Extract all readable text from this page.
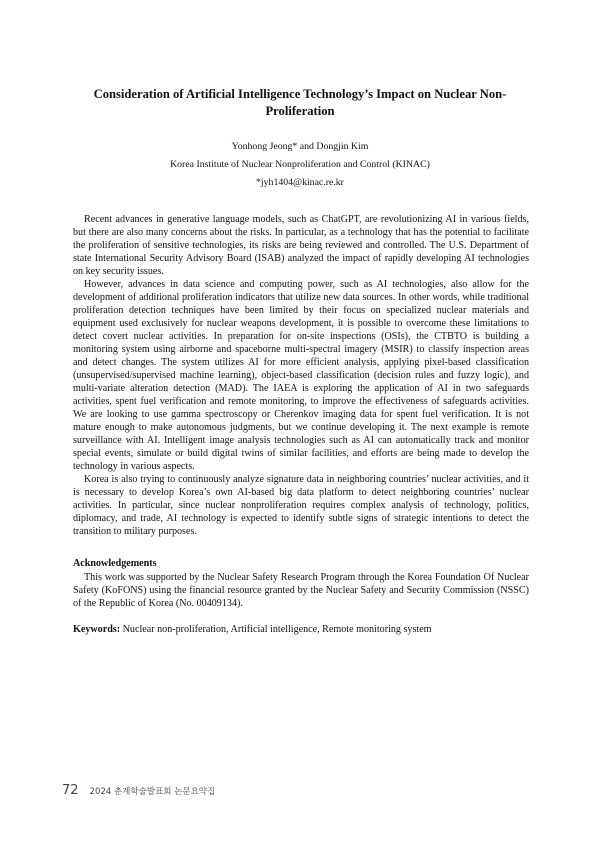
Consideration of Artificial Intelligence Technology’s Impact on Nuclear Non-Proliferation
Yonhong Jeong* and Dongjin Kim
Korea Institute of Nuclear Nonproliferation and Control (KINAC)
*jyh1404@kinac.re.kr

Recent advances in generative language models, such as ChatGPT, are revolutionizing AI in various fields, but there are also many concerns about the risks. In particular, as a technology that has the potential to facilitate the proliferation of sensitive technologies, its risks are being reviewed and controlled. The U.S. Department of state International Security Advisory Board (ISAB) analyzed the impact of rapidly developing AI technologies on key security issues.

However, advances in data science and computing power, such as AI technologies, also allow for the development of additional proliferation indicators that utilize new data sources. In other words, while traditional proliferation detection techniques have been limited by their focus on specialized nuclear materials and equipment used exclusively for nuclear weapons development, it is possible to overcome these limitations to detect covert nuclear activities. In preparation for on-site inspections (OSIs), the CTBTO is building a monitoring system using airborne and spaceborne multi-spectral imagery (MSIR) to classify inspection areas and detect changes. The system utilizes AI for more efficient analysis, applying pixel-based classification (unsupervised/supervised machine learning), object-based classification (decision rules and fuzzy logic), and multi-variate alteration detection (MAD). The IAEA is exploring the application of AI in two safeguards activities, spent fuel verification and remote monitoring, to improve the effectiveness of safeguards activities. We are looking to use gamma spectroscopy or Cherenkov imaging data for spent fuel verification. It is not mature enough to make autonomous judgments, but we continue developing it. The next example is remote surveillance with AI. Intelligent image analysis technologies such as AI can automatically track and monitor special events, simulate or build digital twins of similar facilities, and efforts are being made to develop the technology in various aspects.

Korea is also trying to continuously analyze signature data in neighboring countries’ nuclear activities, and it is necessary to develop Korea’s own AI-based big data platform to detect neighboring countries’ nuclear activities. In particular, since nuclear nonproliferation requires complex analysis of technology, politics, diplomacy, and trade, AI technology is expected to identify subtle signs of strategic intentions to detect the transition to military purposes.

Acknowledgements
This work was supported by the Nuclear Safety Research Program through the Korea Foundation Of Nuclear Safety (KoFONS) using the financial resource granted by the Nuclear Safety and Security Commission (NSSC) of the Republic of Korea (No. 00409134).
Keywords: Nuclear non-proliferation, Artificial intelligence, Remote monitoring system
72 2024 춘계학술발표회 논문요약집
